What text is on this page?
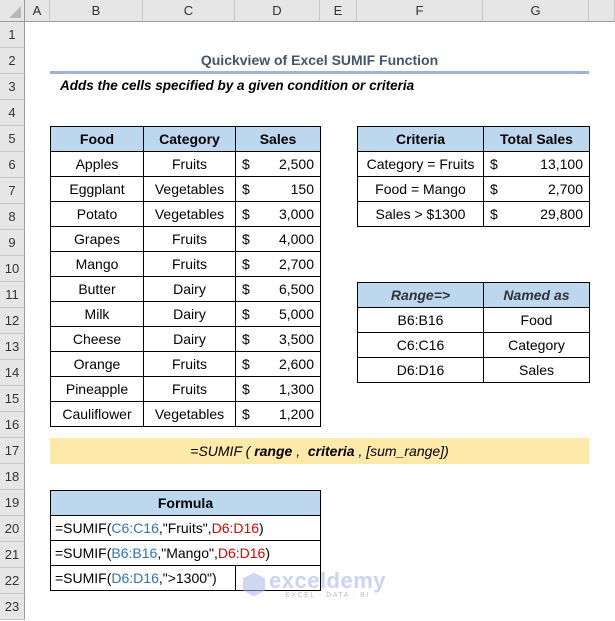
A	B	C	D	E	F	G
1
2
3
4
5
6
7
8
9
10
11
12
13
14
15
16
17
18
19
20
21
22
23
Quickview of Excel SUMIF Function
Adds the cells specified by a given condition or criteria
Food	Category	Sales
Apples	Fruits	$ 2,500

Eggplant	Vegetables	$ 150

Potato	Vegetables	$ 3,000

Grapes	Fruits	$ 4,000

Mango	Fruits	$ 2,700

Butter	Dairy	$ 6,500

Milk	Dairy	$ 5,000

Cheese	Dairy	$ 3,500

Orange	Fruits	$ 2,600

Pineapple	Fruits	$ 1,300

Cauliflower	Vegetables	$ 1,200
Criteria	Total Sales
Category = Fruits	$ 13,100

Food = Mango	$ 2,700

Sales > $1300	$ 29,800
Range=>	Named as
B6:B16	Food
C6:C16	Category
D6:D16	Sales
=SUMIF ( range , criteria , [sum_range])
Formula
=SUMIF(C6:C16,"Fruits",D6:D16)
=SUMIF(B6:B16,"Mango",D6:D16)
=SUMIF(D6:D16,">1300")	exceldemy
EXCEL · DATA · BI
